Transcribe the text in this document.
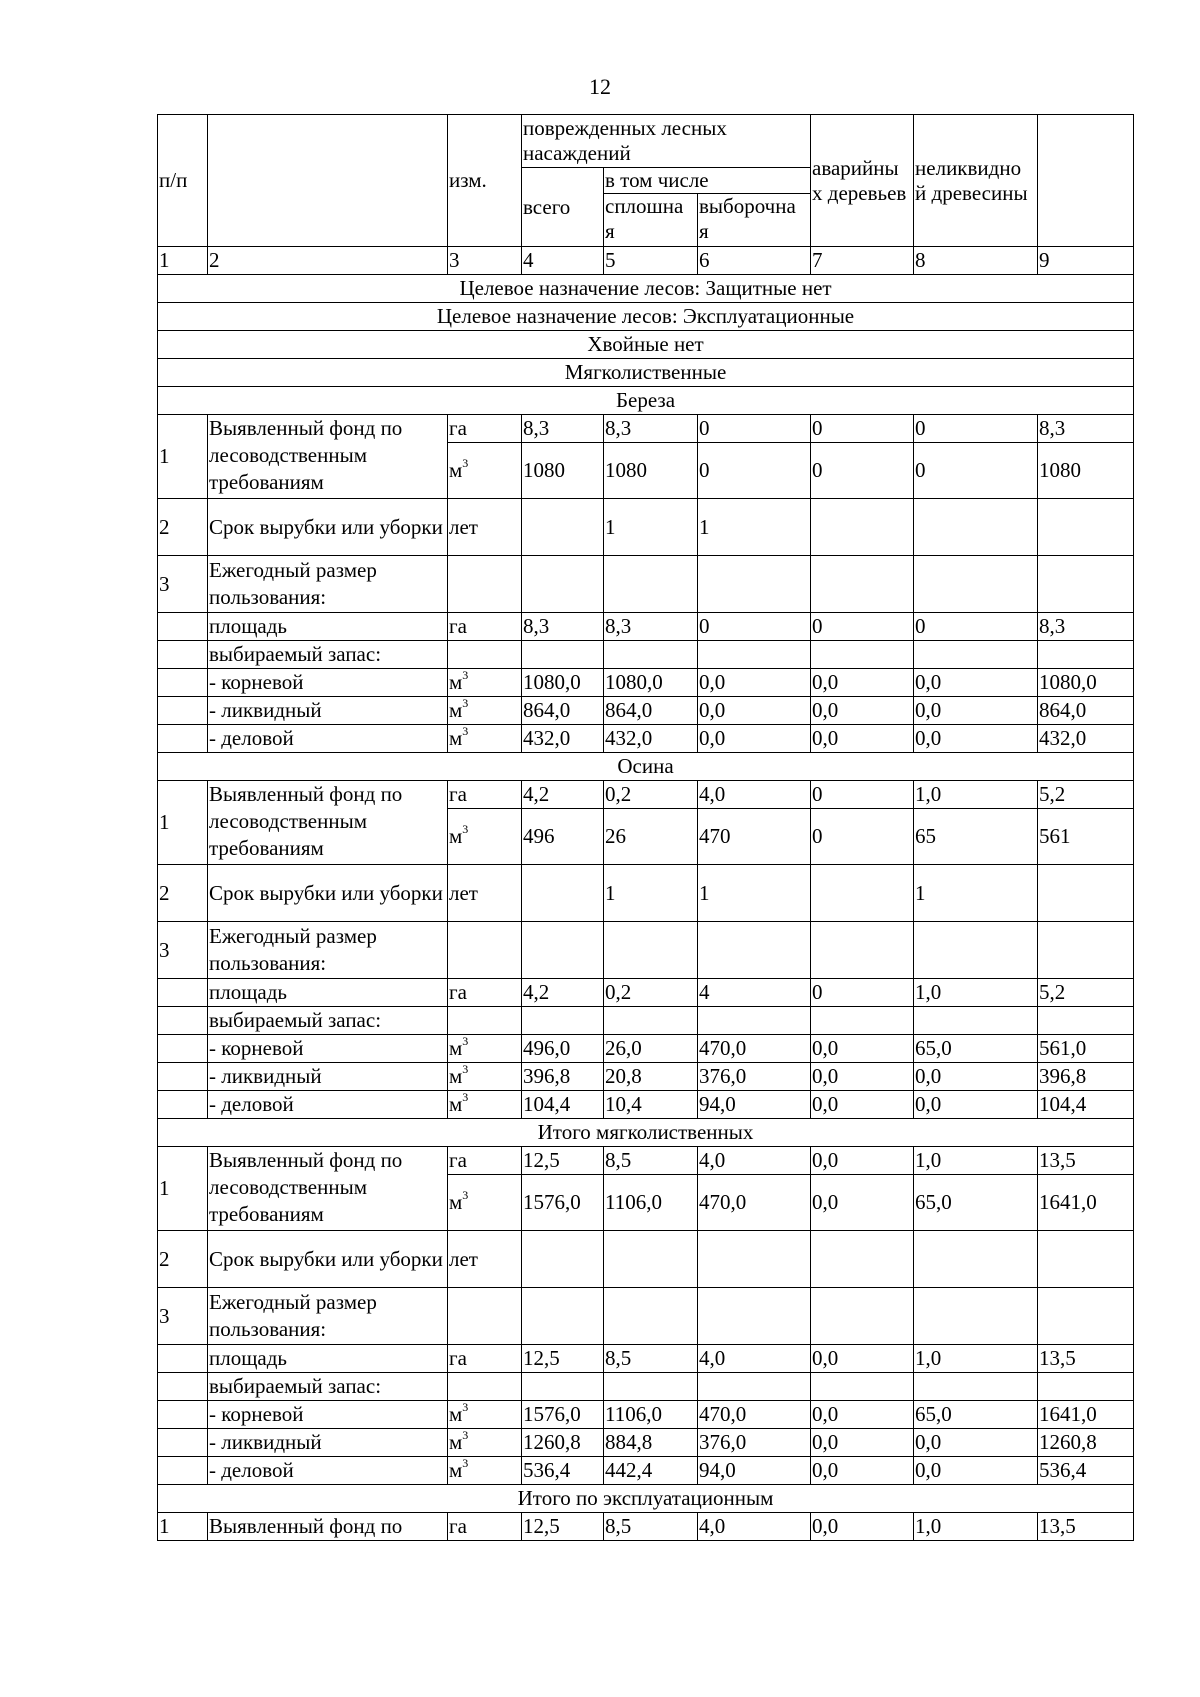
12
п/п		изм.	поврежденных лесных насаждений			аварийны х деревьев	неликвидно й древесины	

			всего	в том числе				
				сплошна я	выборочна я			

1	2	3	4	5	6	7	8	9
Целевое назначение лесов: Защитные нет								
Целевое назначение лесов: Эксплуатационные								
Хвойные нет								
Мягколиственные								
Береза								
1	Выявленный фонд по лесоводственным требованиям	га	8,3	8,3	0	0	0	8,3
		$м^3$	1080	1080	0	0	0	1080
2	Срок вырубки или уборки	лет		1	1			
3	Ежегодный размер пользования:							
	площадь	га	8,3	8,3	0	0	0	8,3
	выбираемый запас:							
	- корневой	$м^3$	1080,0	1080,0	0,0	0,0	0,0	1080,0
	- ликвидный	$м^3$	864,0	864,0	0,0	0,0	0,0	864,0
	- деловой	$м^3$	432,0	432,0	0,0	0,0	0,0	432,0
Осина								
1	Выявленный фонд по лесоводственным требованиям	га	4,2	0,2	4,0	0	1,0	5,2
		$м^3$	496	26	470	0	65	561
2	Срок вырубки или уборки	лет		1	1		1	
3	Ежегодный размер пользования:							
	площадь	га	4,2	0,2	4	0	1,0	5,2
	выбираемый запас:							
	- корневой	$м^3$	496,0	26,0	470,0	0,0	65,0	561,0
	- ликвидный	$м^3$	396,8	20,8	376,0	0,0	0,0	396,8
	- деловой	$м^3$	104,4	10,4	94,0	0,0	0,0	104,4
Итого мягколиственных								
1	Выявленный фонд по лесоводственным требованиям	га	12,5	8,5	4,0	0,0	1,0	13,5
		$м^3$	1576,0	1106,0	470,0	0,0	65,0	1641,0
2	Срок вырубки или уборки	лет						
3	Ежегодный размер пользования:							
	площадь	га	12,5	8,5	4,0	0,0	1,0	13,5
	выбираемый запас:							
	- корневой	$м^3$	1576,0	1106,0	470,0	0,0	65,0	1641,0
	- ликвидный	$м^3$	1260,8	884,8	376,0	0,0	0,0	1260,8
	- деловой	$м^3$	536,4	442,4	94,0	0,0	0,0	536,4
Итого по эксплуатационным								
1	Выявленный фонд по	га	12,5	8,5	4,0	0,0	1,0	13,5
